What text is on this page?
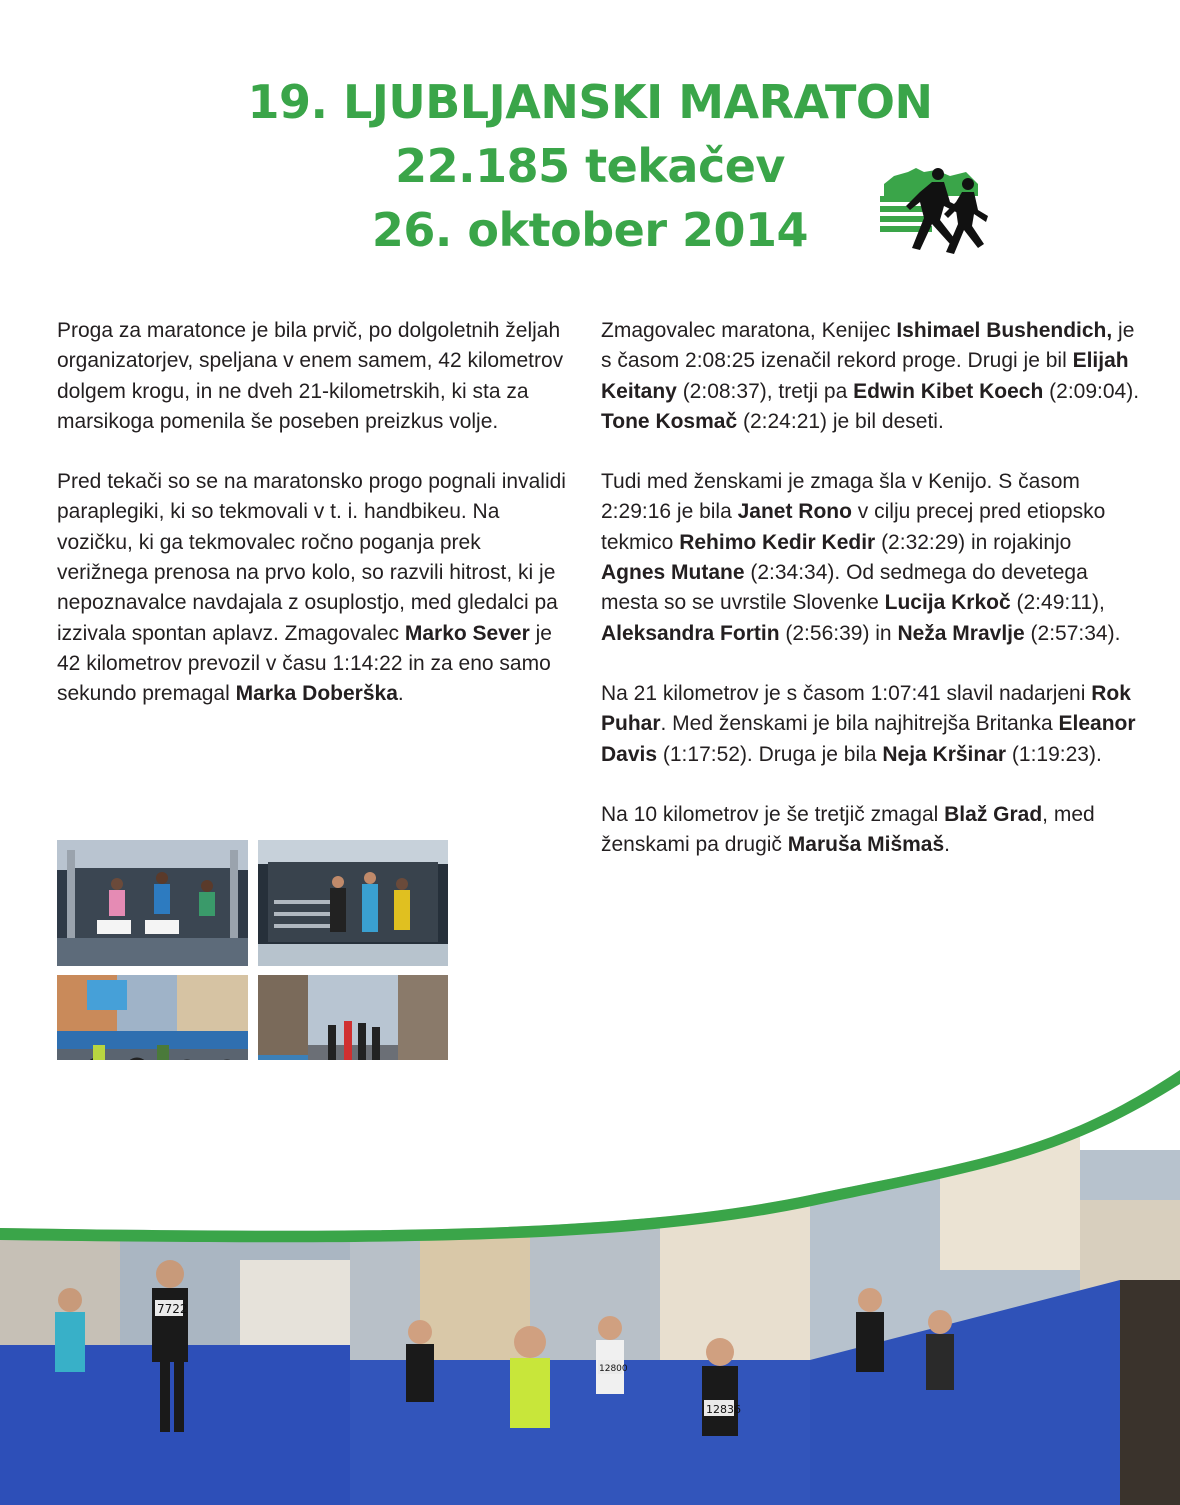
19. LJUBLJANSKI MARATON
22.185 tekačev
26. oktober 2014

Proga za maratonce je bila prvič, po dolgoletnih željah organizatorjev, speljana v enem samem, 42 kilometrov dolgem krogu, in ne dveh 21-kilometrskih, ki sta za marsikoga pomenila še poseben preizkus volje.

Pred tekači so se na maratonsko progo pognali invalidi paraplegiki, ki so tekmovali v t. i. handbikeu. Na vozičku, ki ga tekmovalec ročno poganja prek verižnega prenosa na prvo kolo, so razvili hitrost, ki je nepoznavalce navdajala z osuplostjo, med gledalci pa izzivala spontan aplavz. Zmagovalec Marko Sever je 42 kilometrov prevozil v času 1:14:22 in za eno samo sekundo premagal Marka Doberška.

Zmagovalec maratona, Kenijec Ishimael Bushendich, je s časom 2:08:25 izenačil rekord proge. Drugi je bil Elijah Keitany (2:08:37), tretji pa Edwin Kibet Koech (2:09:04). Tone Kosmač (2:24:21) je bil deseti.

Tudi med ženskami je zmaga šla v Kenijo. S časom 2:29:16 je bila Janet Rono v cilju precej pred etiopsko tekmico Rehimo Kedir Kedir (2:32:29) in rojakinjo Agnes Mutane (2:34:34). Od sedmega do devetega mesta so se uvrstile Slovenke Lucija Krkoč (2:49:11), Aleksandra Fortin (2:56:39) in Neža Mravlje (2:57:34).

Na 21 kilometrov je s časom 1:07:41 slavil nadarjeni Rok Puhar. Med ženskami je bila najhitrejša Britanka Eleanor Davis (1:17:52). Druga je bila Neja Kršinar (1:19:23).

Na 10 kilometrov je še tretjič zmagal Blaž Grad, med ženskami pa drugič Maruša Mišmaš.

7722
12836
12800
